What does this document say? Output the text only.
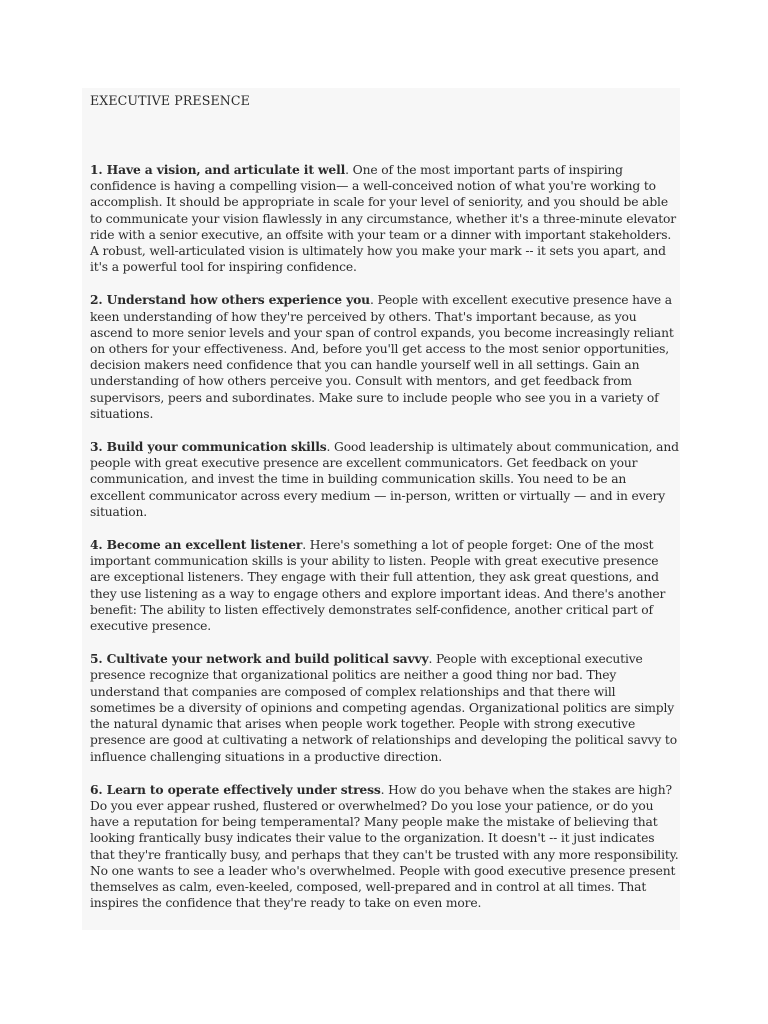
EXECUTIVE PRESENCE

1. Have a vision, and articulate it well. One of the most important parts of inspiring confidence is having a compelling vision— a well-conceived notion of what you're working to accomplish. It should be appropriate in scale for your level of seniority, and you should be able to communicate your vision flawlessly in any circumstance, whether it's a three-minute elevator ride with a senior executive, an offsite with your team or a dinner with important stakeholders. A robust, well-articulated vision is ultimately how you make your mark -- it sets you apart, and it's a powerful tool for inspiring confidence.

2. Understand how others experience you. People with excellent executive presence have a keen understanding of how they're perceived by others. That's important because, as you ascend to more senior levels and your span of control expands, you become increasingly reliant on others for your effectiveness. And, before you'll get access to the most senior opportunities, decision makers need confidence that you can handle yourself well in all settings. Gain an understanding of how others perceive you. Consult with mentors, and get feedback from supervisors, peers and subordinates. Make sure to include people who see you in a variety of situations.

3. Build your communication skills. Good leadership is ultimately about communication, and people with great executive presence are excellent communicators. Get feedback on your communication, and invest the time in building communication skills. You need to be an excellent communicator across every medium — in-person, written or virtually — and in every situation.

4. Become an excellent listener. Here's something a lot of people forget: One of the most important communication skills is your ability to listen. People with great executive presence are exceptional listeners. They engage with their full attention, they ask great questions, and they use listening as a way to engage others and explore important ideas. And there's another benefit: The ability to listen effectively demonstrates self-confidence, another critical part of executive presence.

5. Cultivate your network and build political savvy. People with exceptional executive presence recognize that organizational politics are neither a good thing nor bad. They understand that companies are composed of complex relationships and that there will sometimes be a diversity of opinions and competing agendas. Organizational politics are simply the natural dynamic that arises when people work together. People with strong executive presence are good at cultivating a network of relationships and developing the political savvy to influence challenging situations in a productive direction.

6. Learn to operate effectively under stress. How do you behave when the stakes are high? Do you ever appear rushed, flustered or overwhelmed? Do you lose your patience, or do you have a reputation for being temperamental? Many people make the mistake of believing that looking frantically busy indicates their value to the organization. It doesn't -- it just indicates that they're frantically busy, and perhaps that they can't be trusted with any more responsibility. No one wants to see a leader who's overwhelmed. People with good executive presence present themselves as calm, even-keeled, composed, well-prepared and in control at all times. That inspires the confidence that they're ready to take on even more.
